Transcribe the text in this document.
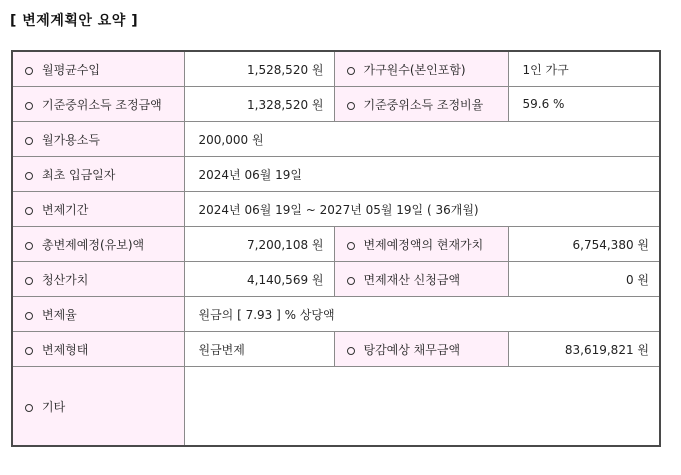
[ 변제계획안 요약 ]
월평균수입	1,528,520 원	가구원수(본인포함)	1인 가구
기준중위소득 조정금액	1,328,520 원	기준중위소득 조정비율	59.6 %
월가용소득	200,000 원		
최초 입금일자	2024년 06월 19일		
변제기간	2024년 06월 19일 ~ 2027년 05월 19일 ( 36개월)		
총변제예정(유보)액	7,200,108 원	변제예정액의 현재가치	6,754,380 원
청산가치	4,140,569 원	면제재산 신청금액	0 원
변제율	원금의 [ 7.93 ] % 상당액		
변제형태	원금변제	탕감예상 채무금액	83,619,821 원
기타			
